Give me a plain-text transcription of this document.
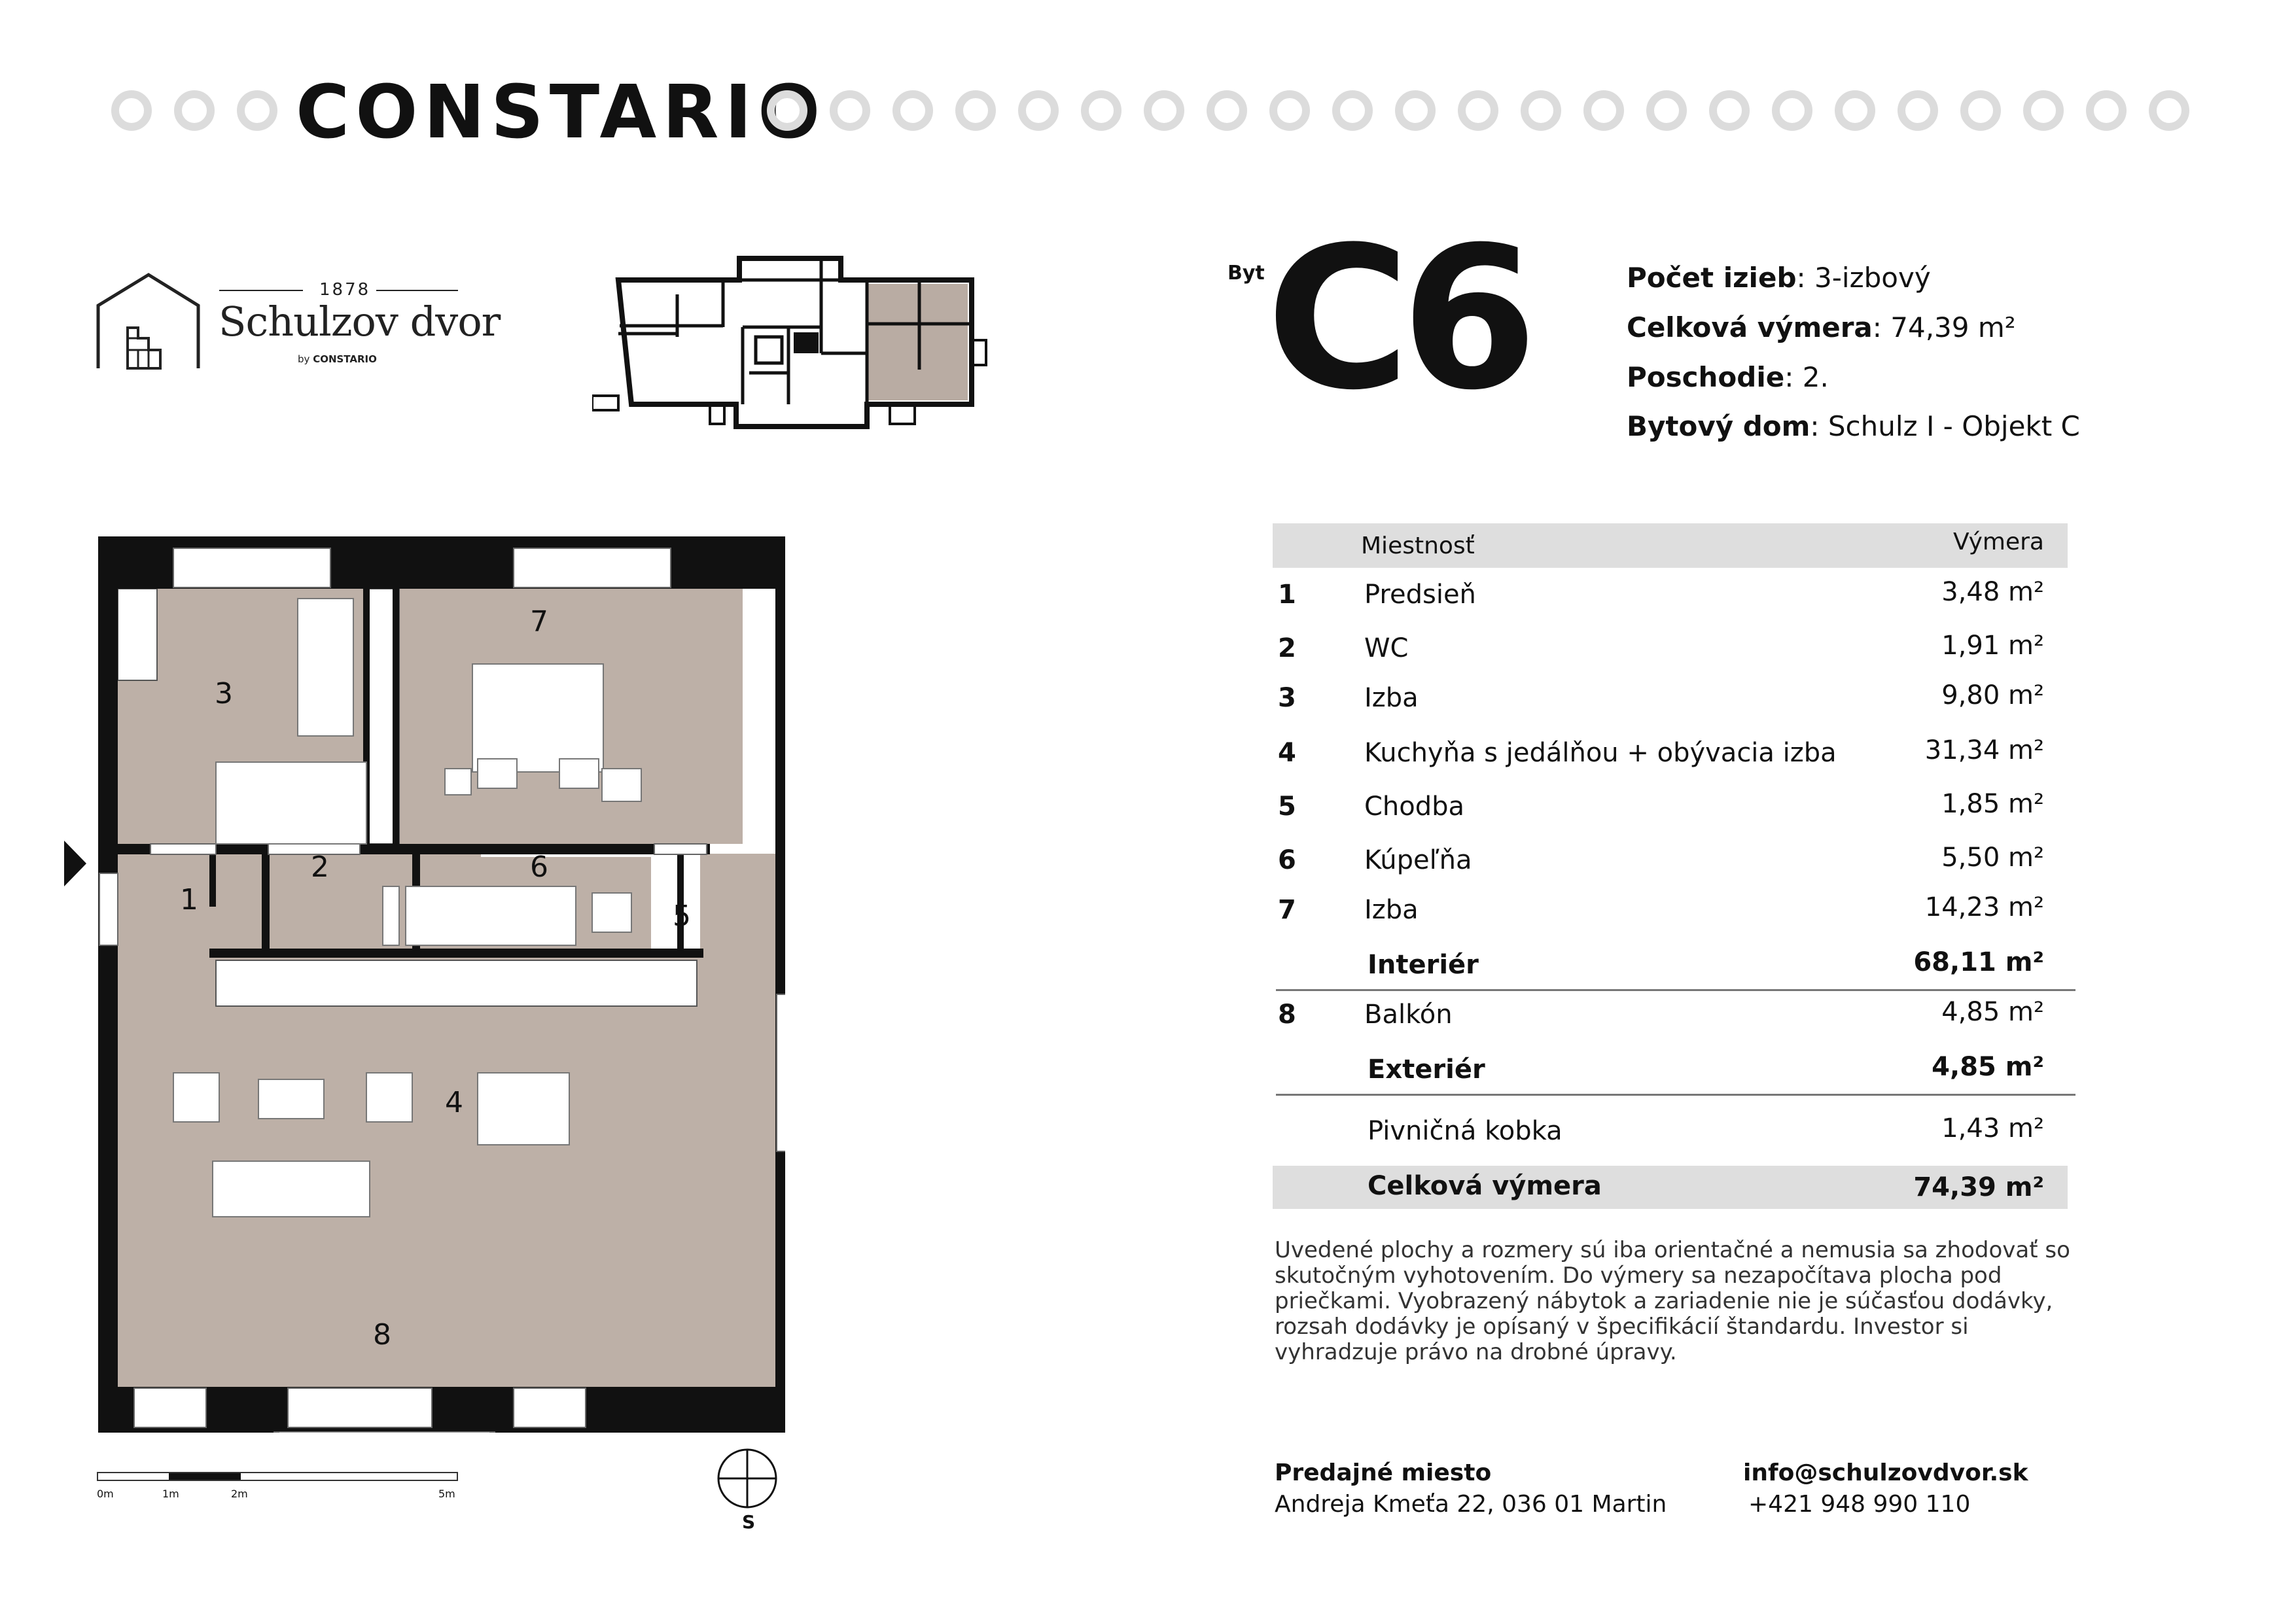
CONSTARIO
1878
Schulzov dvor
by CONSTARIO
Byt C6	Počet izieb: 3-izbový
Celková výmera: 74,39 m²
Poschodie: 2.
Bytový dom: Schulz I - Objekt C
Miestnosť	Výmera
1	Predsieň	3,48 m²
2	WC	1,91 m²
3	Izba	9,80 m²
4	Kuchyňa s jedálňou + obývacia izba	31,34 m²
5	Chodba	1,85 m²
6	Kúpeľňa	5,50 m²
7	Izba	14,23 m²
Interiér	68,11 m²
8	Balkón	4,85 m²
Exteriér	4,85 m²
Pivničná kobka	1,43 m²
Celková výmera	74,39 m²
Uvedené plochy a rozmery sú iba orientačné a nemusia sa zhodovať so skutočným vyhotovením. Do výmery sa nezapočítava plocha pod priečkami. Vyobrazený nábytok a zariadenie nie je súčasťou dodávky, rozsah dodávky je opísaný v špecifikácií štandardu. Investor si vyhradzuje právo na drobné úpravy.
Predajné miesto
Andreja Kmeťa 22, 036 01 Martin
info@schulzovdvor.sk
+421 948 990 110
3
7
1
2	6
5
4
8
0m	1m	2m	5m
S
